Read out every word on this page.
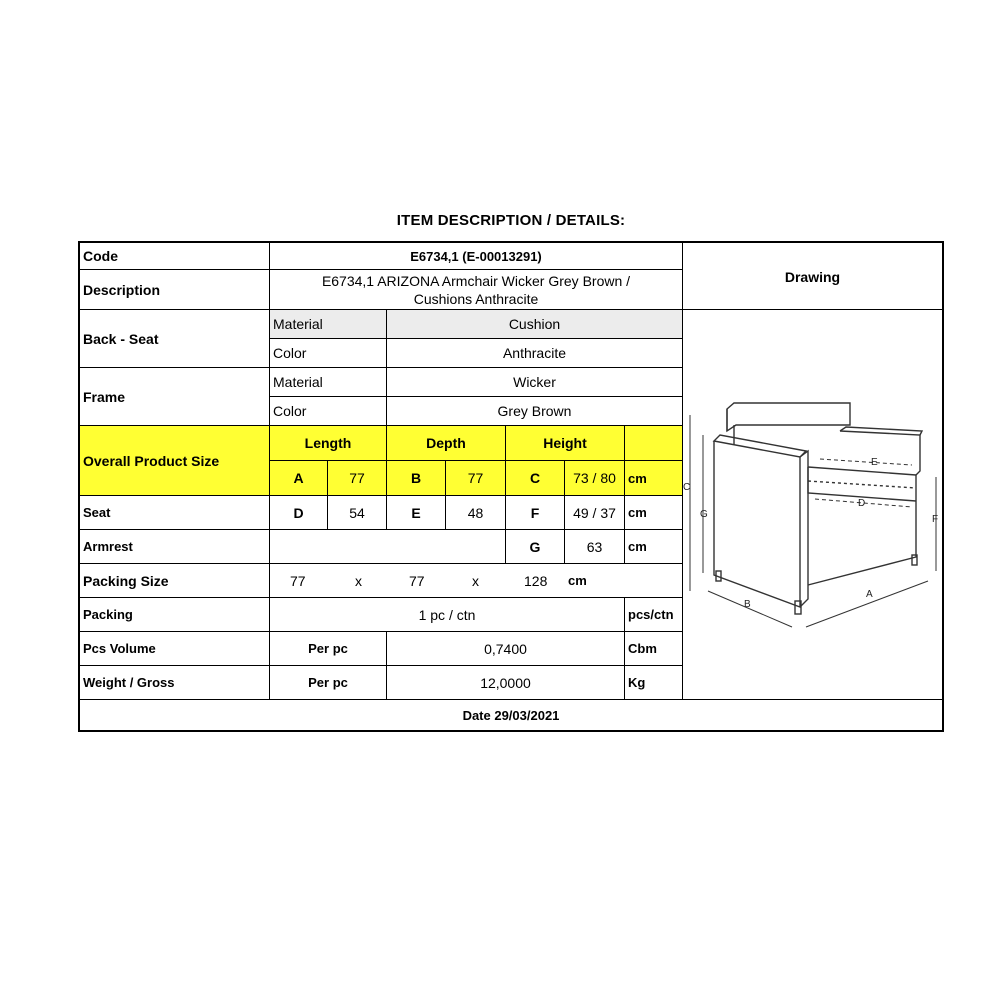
ITEM DESCRIPTION / DETAILS:
Code	E6734,1 (E-00013291)
Description
E6734,1 ARIZONA Armchair Wicker Grey Brown /
Cushions Anthracite
Drawing
Back - Seat
Material	Cushion
Color	Anthracite
Frame
Material	Wicker
Color	Grey Brown
Overall Product Size
Length	Depth	Height
A	77	B	77	C	73 / 80 cm
Seat	D	54	E	48	F	49 / 37 cm
Armrest	G	63	cm
Packing Size	77	x	77	x	128 cm
Packing	1 pc / ctn	pcs/ctn
Pcs Volume	Per pc	0,7400	Cbm
Weight / Gross	Per pc	12,0000	Kg
Date 29/03/2021
C
G	F
E
D
B
A
